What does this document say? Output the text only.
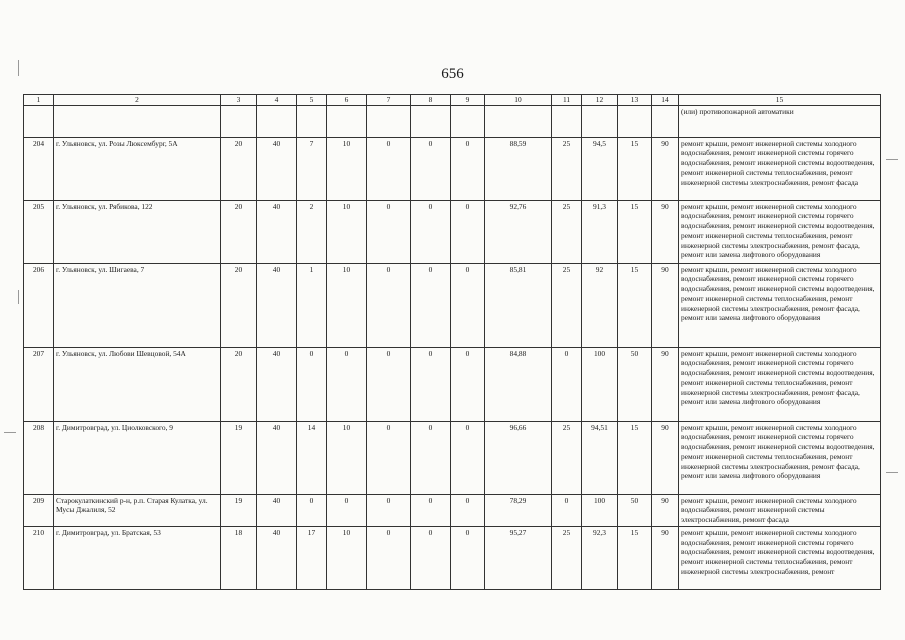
656
1	2	3	4	5	6	7	8	9	10	11	12	13	14	15
														(или) противопожарной автоматики
204	г. Ульяновск, ул. Розы Люксембург, 5А	20	40	7	10	0	0	0	88,59	25	94,5	15	90	ремонт крыши, ремонт инженерной системы холодного водоснабжения, ремонт инженерной системы горячего водоснабжения, ремонт инженерной системы водоотведения, ремонт инженерной системы теплоснабжения, ремонт инженерной системы электроснабжения, ремонт фасада
205	г. Ульяновск, ул. Рябикова, 122	20	40	2	10	0	0	0	92,76	25	91,3	15	90	ремонт крыши, ремонт инженерной системы холодного водоснабжения, ремонт инженерной системы горячего водоснабжения, ремонт инженерной системы водоотведения, ремонт инженерной системы теплоснабжения, ремонт инженерной системы электроснабжения, ремонт фасада, ремонт или замена лифтового оборудования
206	г. Ульяновск, ул. Шигаева, 7	20	40	1	10	0	0	0	85,81	25	92	15	90	ремонт крыши, ремонт инженерной системы холодного водоснабжения, ремонт инженерной системы горячего водоснабжения, ремонт инженерной системы водоотведения, ремонт инженерной системы теплоснабжения, ремонт инженерной системы электроснабжения, ремонт фасада, ремонт или замена лифтового оборудования
207	г. Ульяновск, ул. Любови Шевцовой, 54А	20	40	0	0	0	0	0	84,88	0	100	50	90	ремонт крыши, ремонт инженерной системы холодного водоснабжения, ремонт инженерной системы горячего водоснабжения, ремонт инженерной системы водоотведения, ремонт инженерной системы теплоснабжения, ремонт инженерной системы электроснабжения, ремонт фасада, ремонт или замена лифтового оборудования
208	г. Димитровград, ул. Циолковского, 9	19	40	14	10	0	0	0	96,66	25	94,51	15	90	ремонт крыши, ремонт инженерной системы холодного водоснабжения, ремонт инженерной системы горячего водоснабжения, ремонт инженерной системы водоотведения, ремонт инженерной системы теплоснабжения, ремонт инженерной системы электроснабжения, ремонт фасада, ремонт или замена лифтового оборудования
209	Старокулаткинский р-н, р.п. Старая Кулатка, ул. Мусы Джалиля, 52	19	40	0	0	0	0	0	78,29	0	100	50	90	ремонт крыши, ремонт инженерной системы холодного водоснабжения, ремонт инженерной системы электроснабжения, ремонт фасада
210	г. Димитровград, ул. Братская, 53	18	40	17	10	0	0	0	95,27	25	92,3	15	90	ремонт крыши, ремонт инженерной системы холодного водоснабжения, ремонт инженерной системы горячего водоснабжения, ремонт инженерной системы водоотведения, ремонт инженерной системы теплоснабжения, ремонт инженерной системы электроснабжения, ремонт
